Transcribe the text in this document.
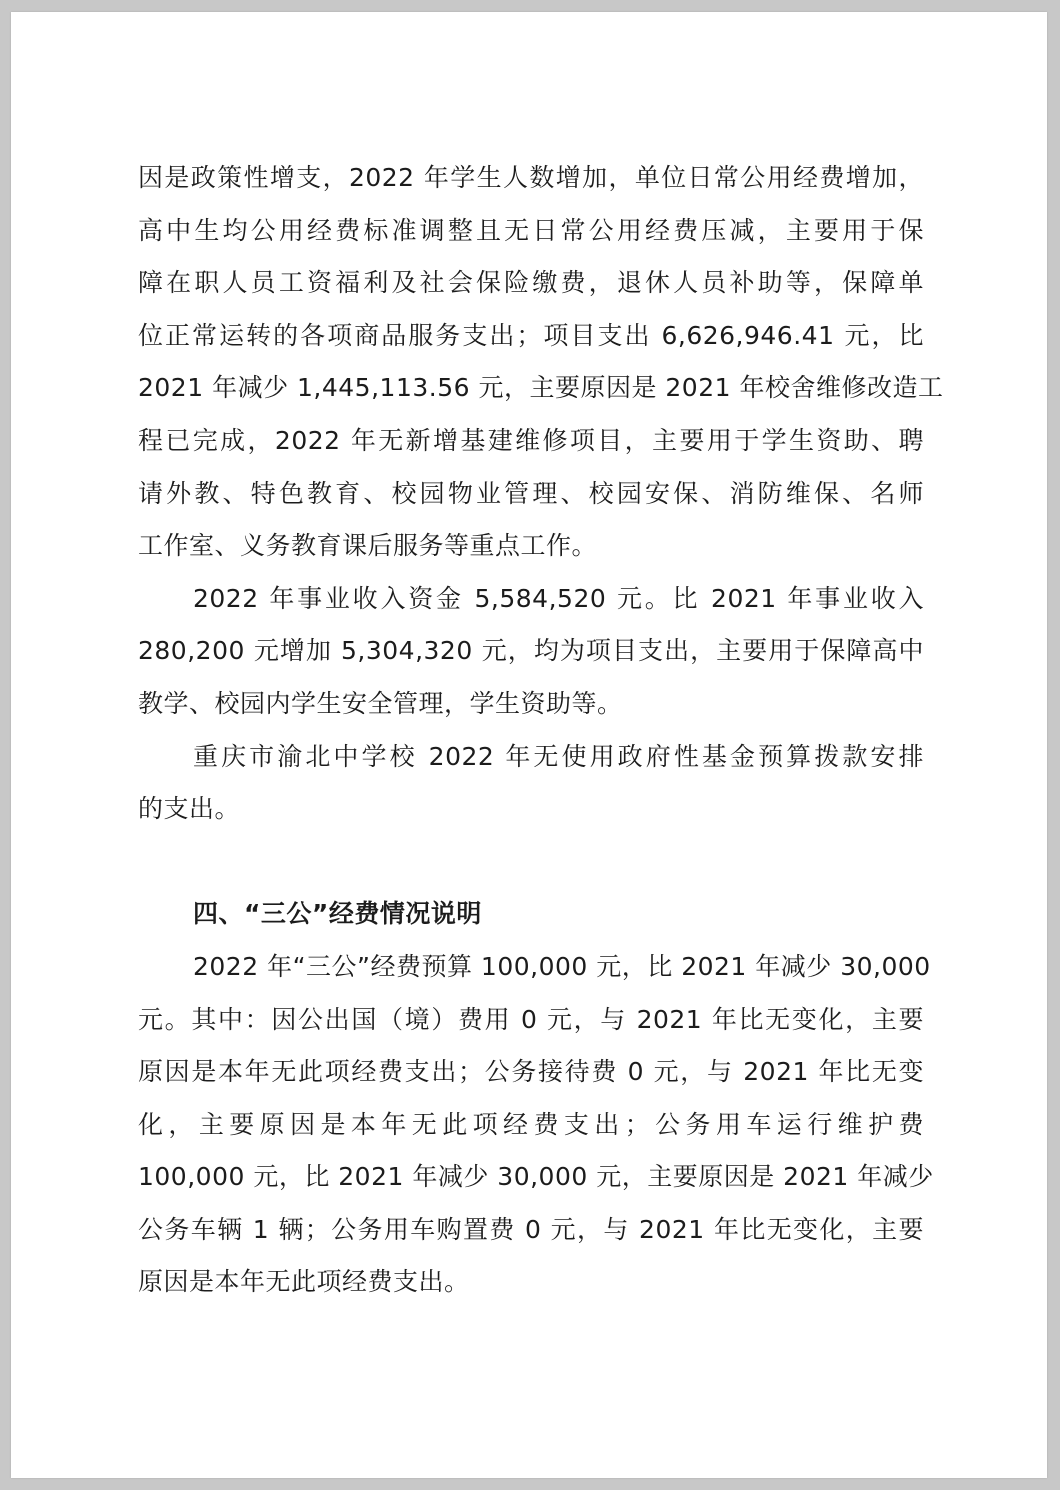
因是政策性增支，2022 年学生人数增加，单位日常公用经费增加，
高中生均公用经费标准调整且无日常公用经费压减，主要用于保
障在职人员工资福利及社会保险缴费，退休人员补助等，保障单
位正常运转的各项商品服务支出；项目支出 6,626,946.41 元，比
2021 年减少 1,445,113.56 元，主要原因是 2021 年校舍维修改造工
程已完成，2022 年无新增基建维修项目，主要用于学生资助、聘
请外教、特色教育、校园物业管理、校园安保、消防维保、名师
工作室、义务教育课后服务等重点工作。
2022 年事业收入资金 5,584,520 元。比 2021 年事业收入
280,200 元增加 5,304,320 元，均为项目支出，主要用于保障高中
教学、校园内学生安全管理，学生资助等。
重庆市渝北中学校 2022 年无使用政府性基金预算拨款安排
的支出。
四、“三公”经费情况说明
2022 年“三公”经费预算 100,000 元，比 2021 年减少 30,000
元。其中：因公出国（境）费用 0 元，与 2021 年比无变化，主要
原因是本年无此项经费支出；公务接待费 0 元，与 2021 年比无变
化，主要原因是本年无此项经费支出；公务用车运行维护费
100,000 元，比 2021 年减少 30,000 元，主要原因是 2021 年减少
公务车辆 1 辆；公务用车购置费 0 元，与 2021 年比无变化，主要
原因是本年无此项经费支出。
